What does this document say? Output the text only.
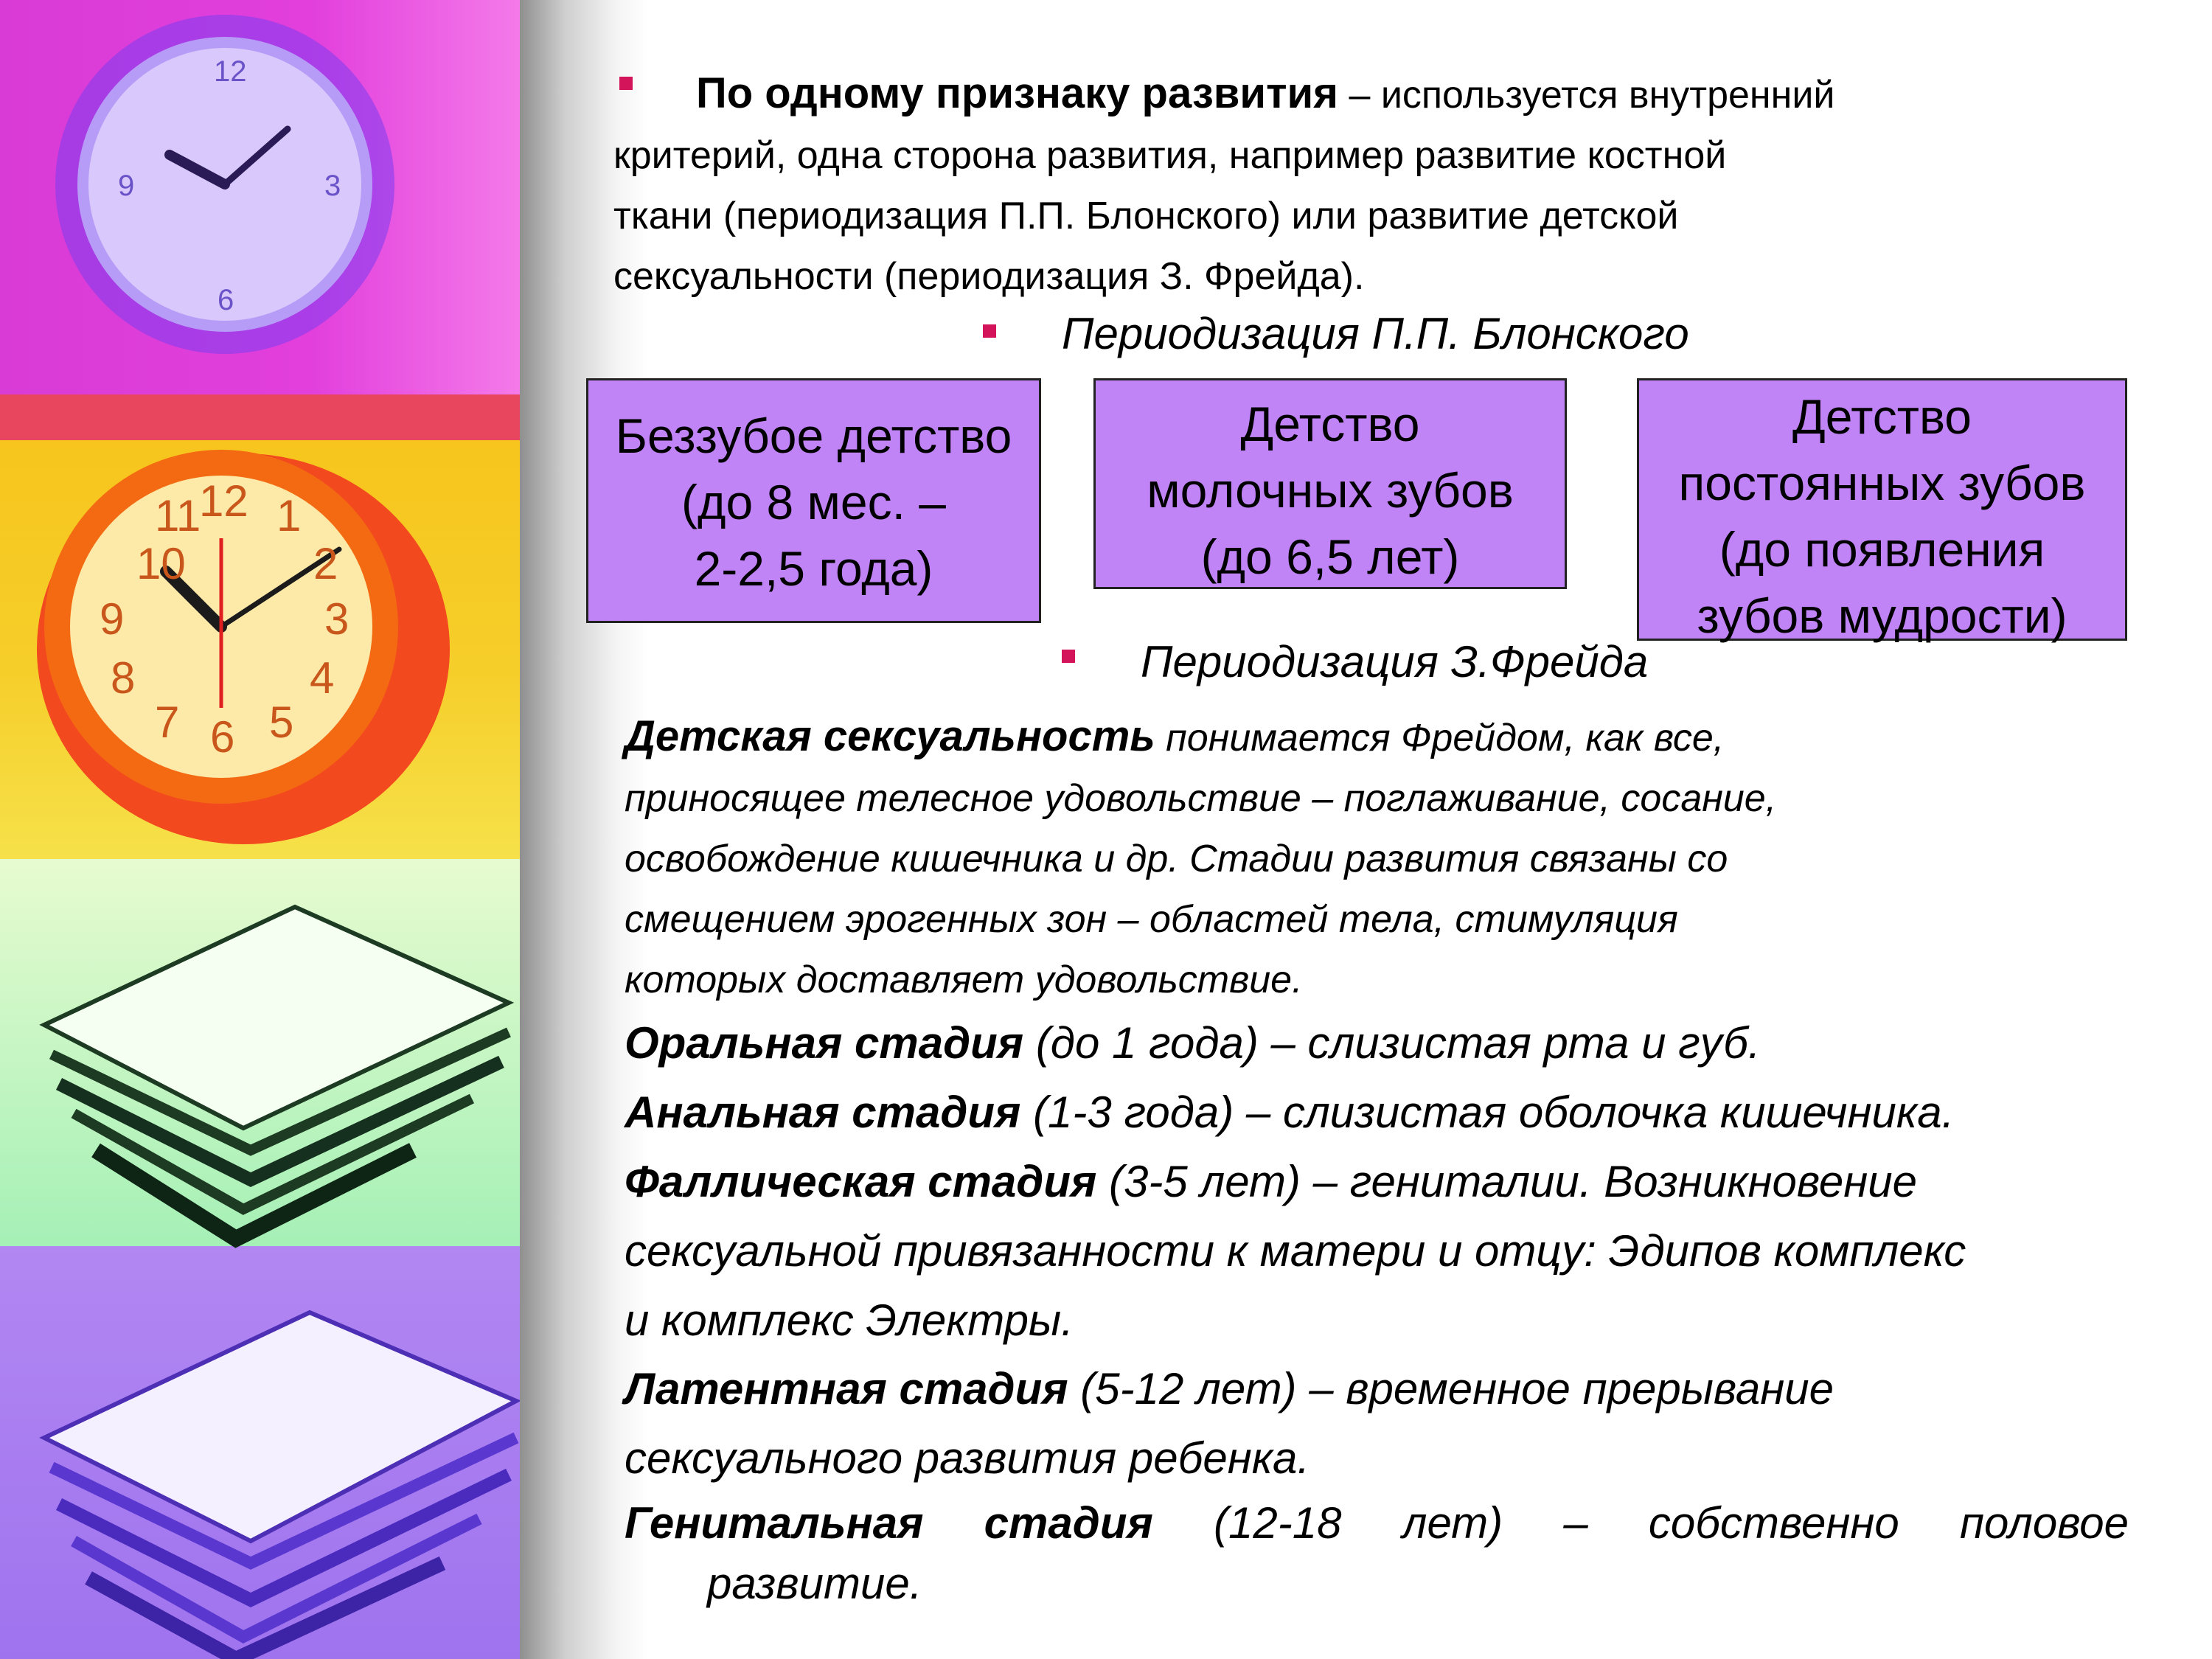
12
3
6
9
12
3
6
9
10
11 1
2
4
5
7
8
По одному признаку развития – используется внутренний
критерий, одна сторона развития, например развитие костной
ткани (периодизация П.П. Блонского) или развитие детской
сексуальности (периодизация З. Фрейда).
Периодизация П.П. Блонского
Беззубое детство
(до 8 мес. –
2-2,5 года)
Детство
молочных зубов
(до 6,5 лет)
Детство
постоянных зубов
(до появления
зубов мудрости)
Периодизация З.Фрейда
Детская сексуальность понимается Фрейдом, как все,
приносящее телесное удовольствие – поглаживание, сосание,
освобождение кишечника и др. Стадии развития связаны со
смещением эрогенных зон – областей тела, стимуляция
которых доставляет удовольствие.
Оральная стадия (до 1 года) – слизистая рта и губ.
Анальная стадия (1-3 года) – слизистая оболочка кишечника.
Фаллическая стадия (3-5 лет) – гениталии. Возникновение
сексуальной привязанности к матери и отцу: Эдипов комплекс
и комплекс Электры.
Латентная стадия (5-12 лет) – временное прерывание
сексуального развития ребенка.
Генитальная стадия (12-18 лет) – собственно половое
развитие.
